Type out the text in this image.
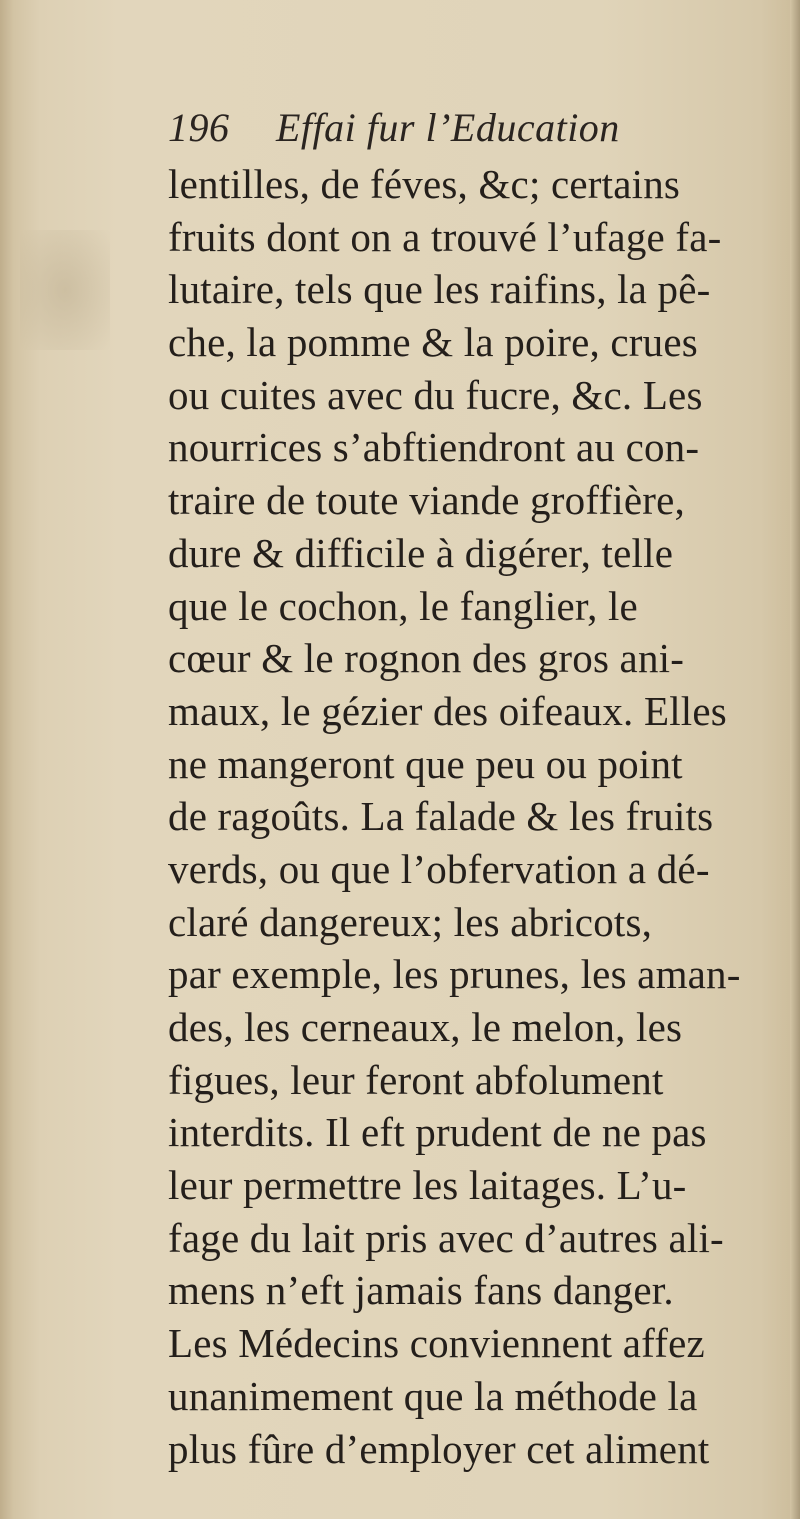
196 Effai fur l’Education
lentilles, de féves, &c; certains
fruits dont on a trouvé l’ufage fa-
lutaire, tels que les raifins, la pê-
che, la pomme & la poire, crues
ou cuites avec du fucre, &c. Les
nourrices s’abftiendront au con-
traire de toute viande groffière,
dure & difficile à digérer, telle
que le cochon, le fanglier, le
cœur & le rognon des gros ani-
maux, le gézier des oifeaux. Elles
ne mangeront que peu ou point
de ragoûts. La falade & les fruits
verds, ou que l’obfervation a dé-
claré dangereux; les abricots,
par exemple, les prunes, les aman-
des, les cerneaux, le melon, les
figues, leur feront abfolument
interdits. Il eft prudent de ne pas
leur permettre les laitages. L’u-
fage du lait pris avec d’autres ali-
mens n’eft jamais fans danger.
Les Médecins conviennent affez
unanimement que la méthode la
plus fûre d’employer cet aliment
